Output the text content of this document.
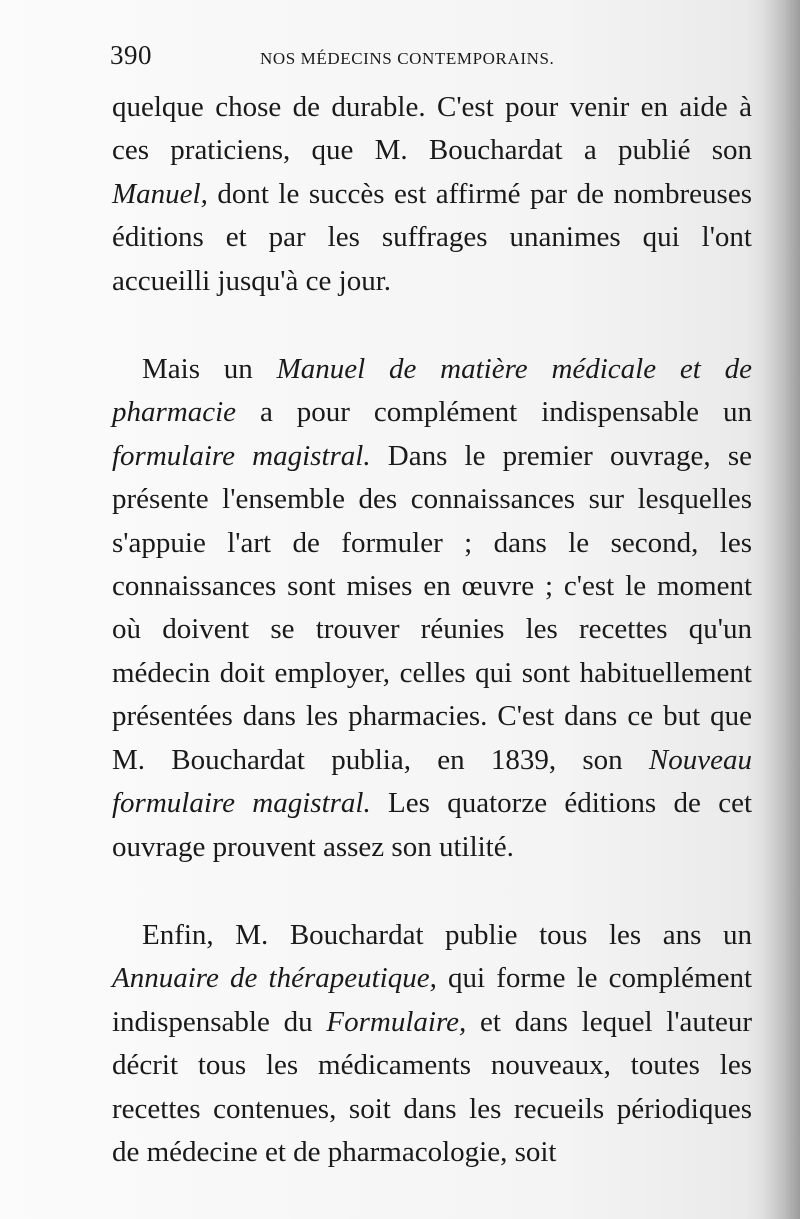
390	NOS MÉDECINS CONTEMPORAINS.

quelque chose de durable. C'est pour venir en aide à ces praticiens, que M. Bouchardat a publié son Manuel, dont le succès est affirmé par de nombreuses éditions et par les suffrages unanimes qui l'ont accueilli jusqu'à ce jour.

Mais un Manuel de matière médicale et de pharmacie a pour complément indispensable un formulaire magistral. Dans le premier ouvrage, se présente l'ensemble des connaissances sur lesquelles s'appuie l'art de formuler ; dans le second, les connaissances sont mises en œuvre ; c'est le moment où doivent se trouver réunies les recettes qu'un médecin doit employer, celles qui sont habituellement présentées dans les pharmacies. C'est dans ce but que M. Bouchardat publia, en 1839, son Nouveau formulaire magistral. Les quatorze éditions de cet ouvrage prouvent assez son utilité.

Enfin, M. Bouchardat publie tous les ans un Annuaire de thérapeutique, qui forme le complément indispensable du Formulaire, et dans lequel l'auteur décrit tous les médicaments nouveaux, toutes les recettes contenues, soit dans les recueils périodiques de médecine et de pharmacologie, soit
